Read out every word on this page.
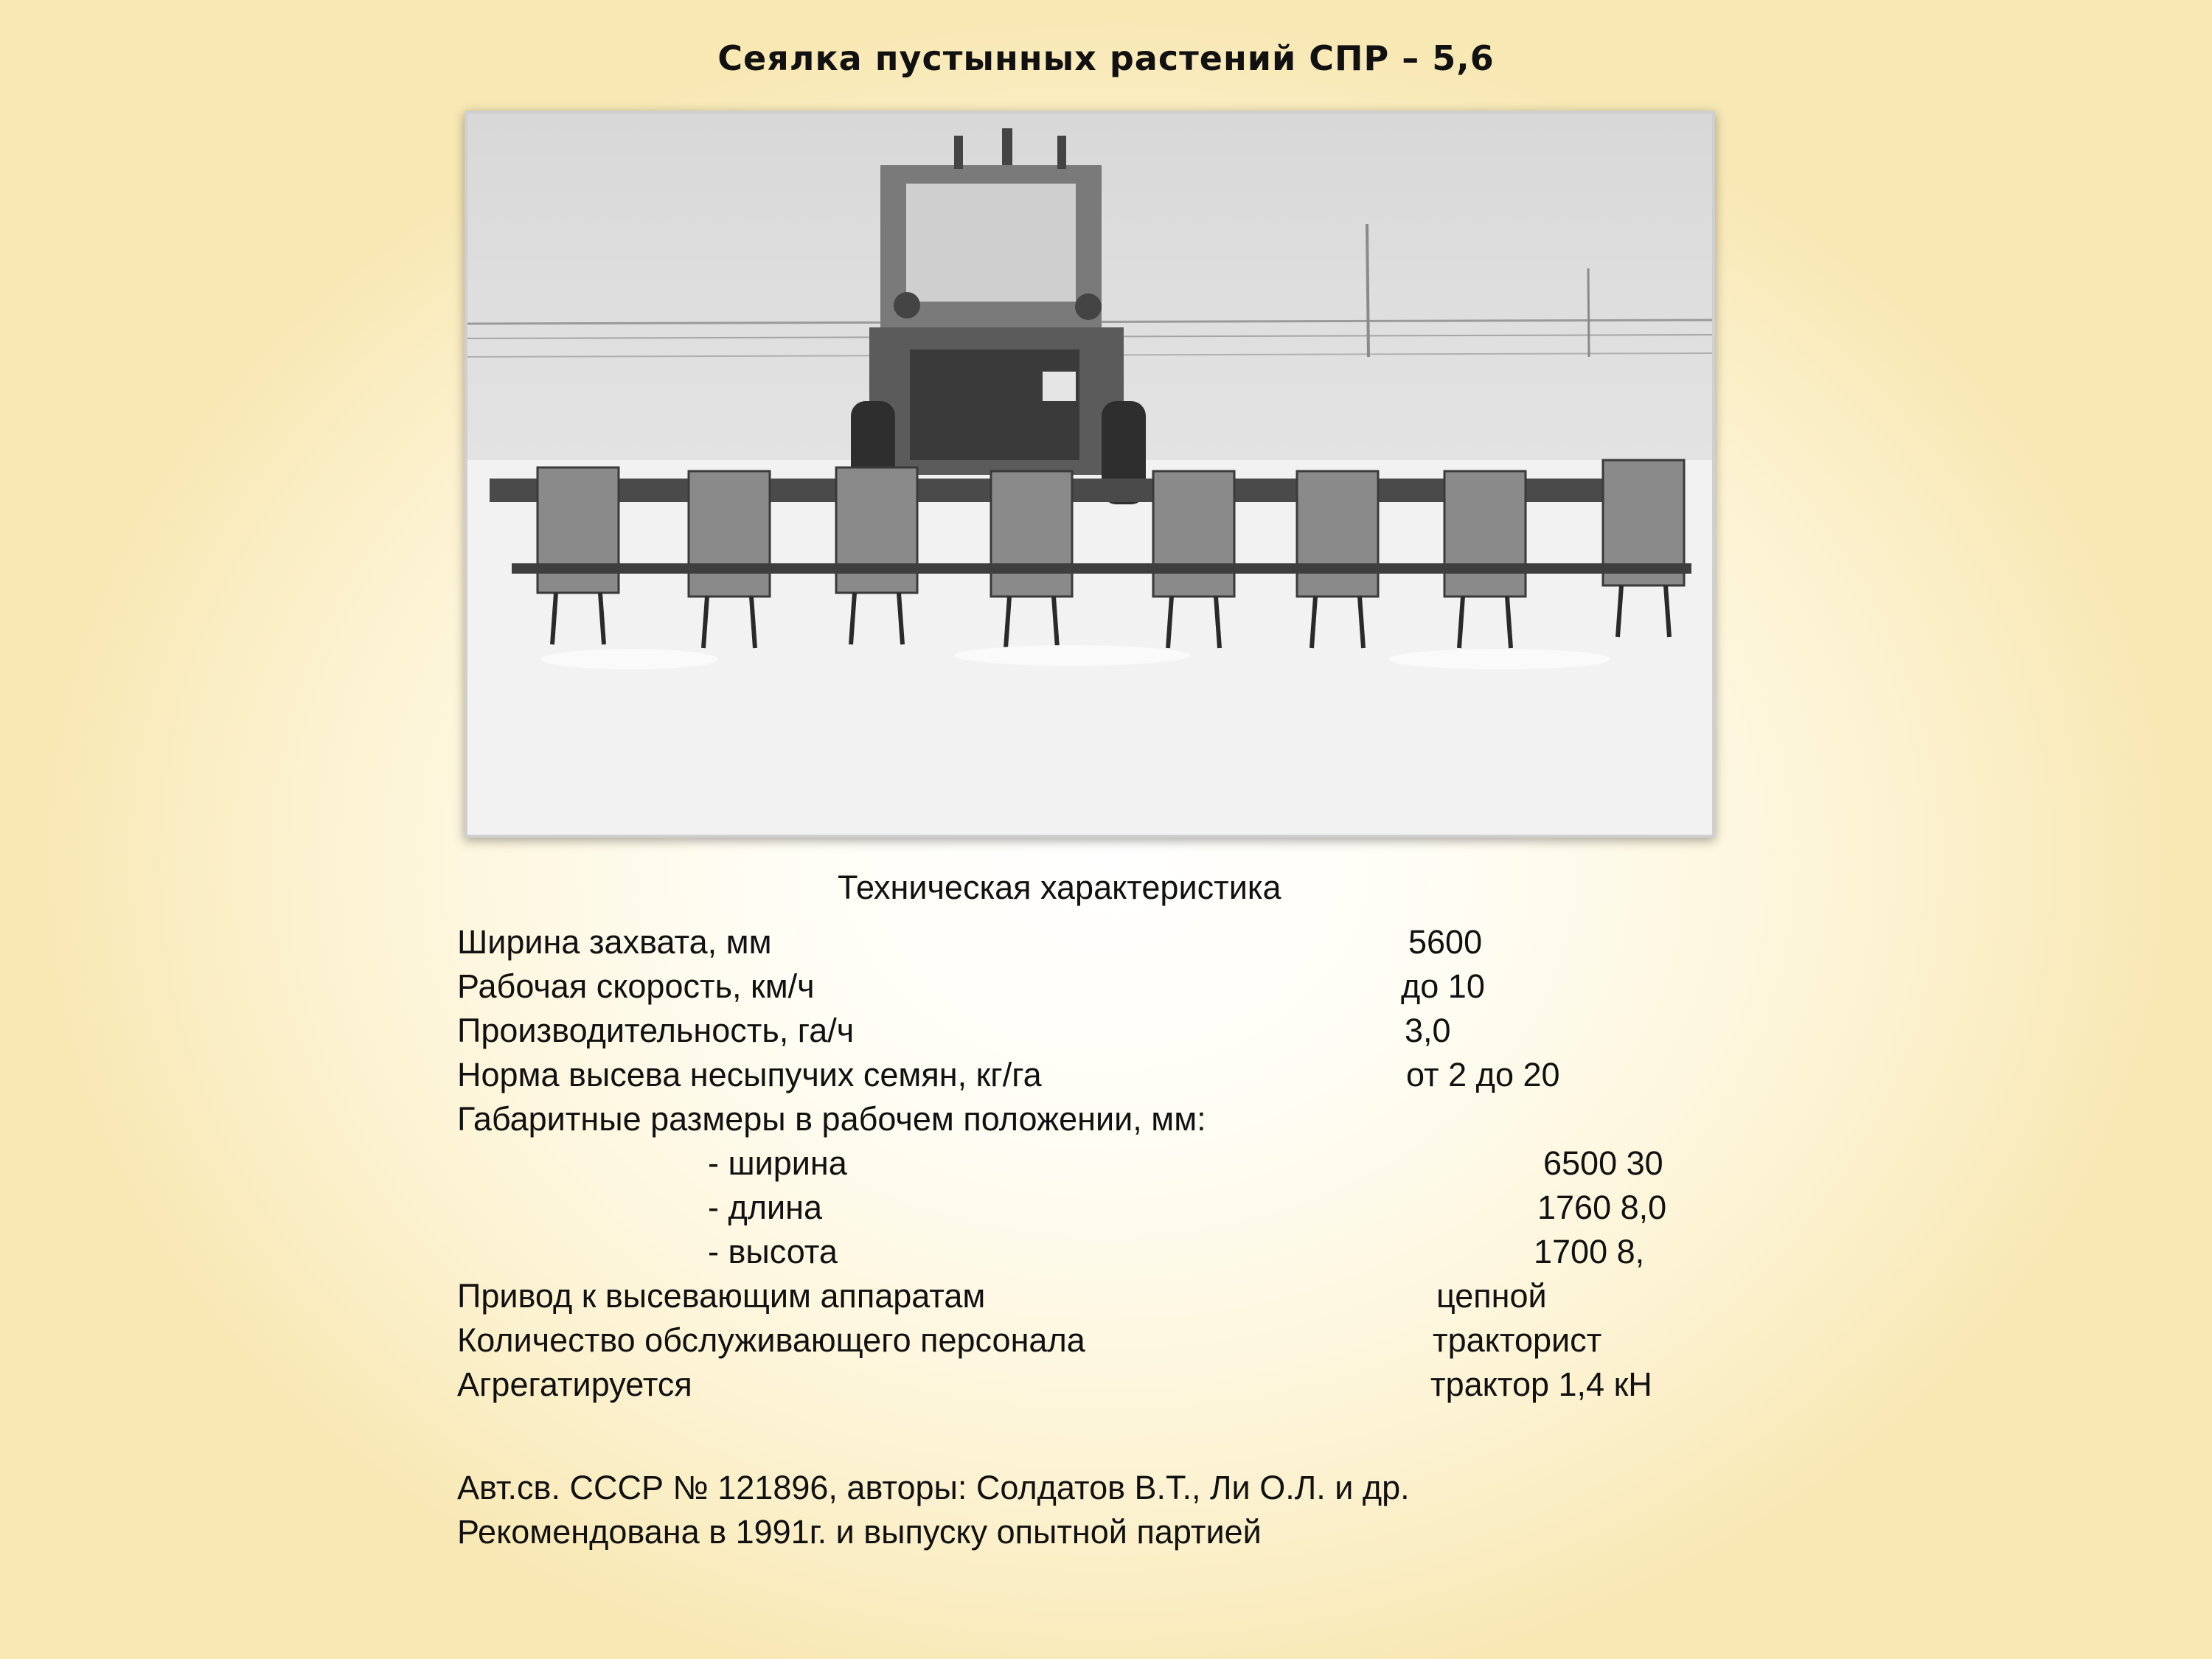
Сеялка пустынных растений СПР – 5,6
Техническая характеристика
Ширина захвата, мм	5600
Рабочая скорость, км/ч	до 10
Производительность, га/ч	3,0
Норма высева несыпучих семян, кг/га	от 2 до 20
Габаритные размеры в рабочем положении, мм:
- ширина	6500 30
- длина	1760 8,0
- высота	1700 8,
Привод к высевающим аппаратам	цепной
Количество обслуживающего персонала	тракторист
Агрегатируется	трактор 1,4 кН
Авт.св. СССР № 121896, авторы: Солдатов В.Т., Ли О.Л. и др.
Рекомендована в 1991г. и выпуску опытной партией
